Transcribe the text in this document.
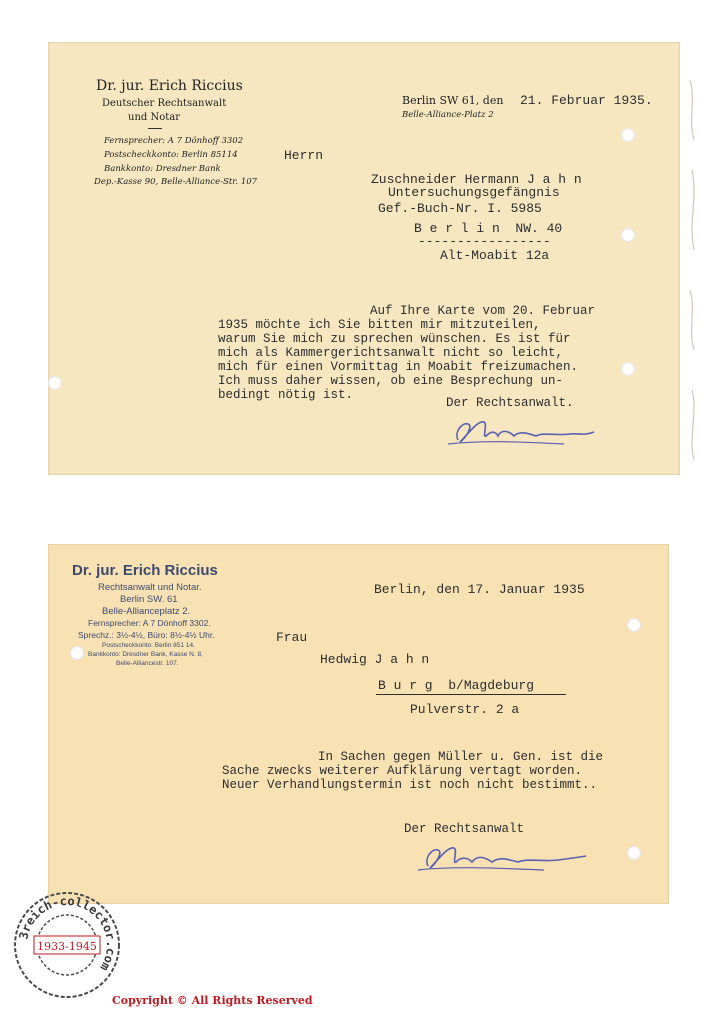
Dr. jur. Erich Riccius
Deutscher Rechtsanwalt
und Notar
Fernsprecher: A 7 Dönhoff 3302
Postscheckkonto: Berlin 85114
Bankkonto: Dresdner Bank
Dep.-Kasse 90, Belle-Alliance-Str. 107
Berlin SW 61, den 21. Februar 1935.
Belle-Alliance-Platz 2
Herrn
Zuschneider Hermann J a h n
Untersuchungsgefängnis
Gef.-Buch-Nr. I. 5985
B e r l i n  NW. 40
-----------------
Alt-Moabit 12a
Auf Ihre Karte vom 20. Februar
1935 möchte ich Sie bitten mir mitzuteilen,
warum Sie mich zu sprechen wünschen. Es ist für
mich als Kammergerichtsanwalt nicht so leicht,
mich für einen Vormittag in Moabit freizumachen.
Ich muss daher wissen, ob eine Besprechung un-
bedingt nötig ist.
Der Rechtsanwalt.
Dr. jur. Erich Riccius
Rechtsanwalt und Notar.
Berlin SW. 61
Belle-Allianceplatz 2.
Fernsprecher: A 7 Dönhoff 3302.
Sprechz.: 3½-4½, Büro: 8½-4½ Uhr.
Postscheckkonto: Berlin 851 14.
Bankkonto: Dresdner Bank, Kasse N. 8,
Belle-Alliancestr. 107.
Berlin, den 17. Januar 1935
Frau
Hedwig J a h n
B u r g  b/Magdeburg
Pulverstr. 2 a
In Sachen gegen Müller u. Gen. ist die
Sache zwecks weiterer Aufklärung vertagt worden.
Neuer Verhandlungstermin ist noch nicht bestimmt..
Der Rechtsanwalt
3reich-collector.com
1933-1945
Copyright © All Rights Reserved
